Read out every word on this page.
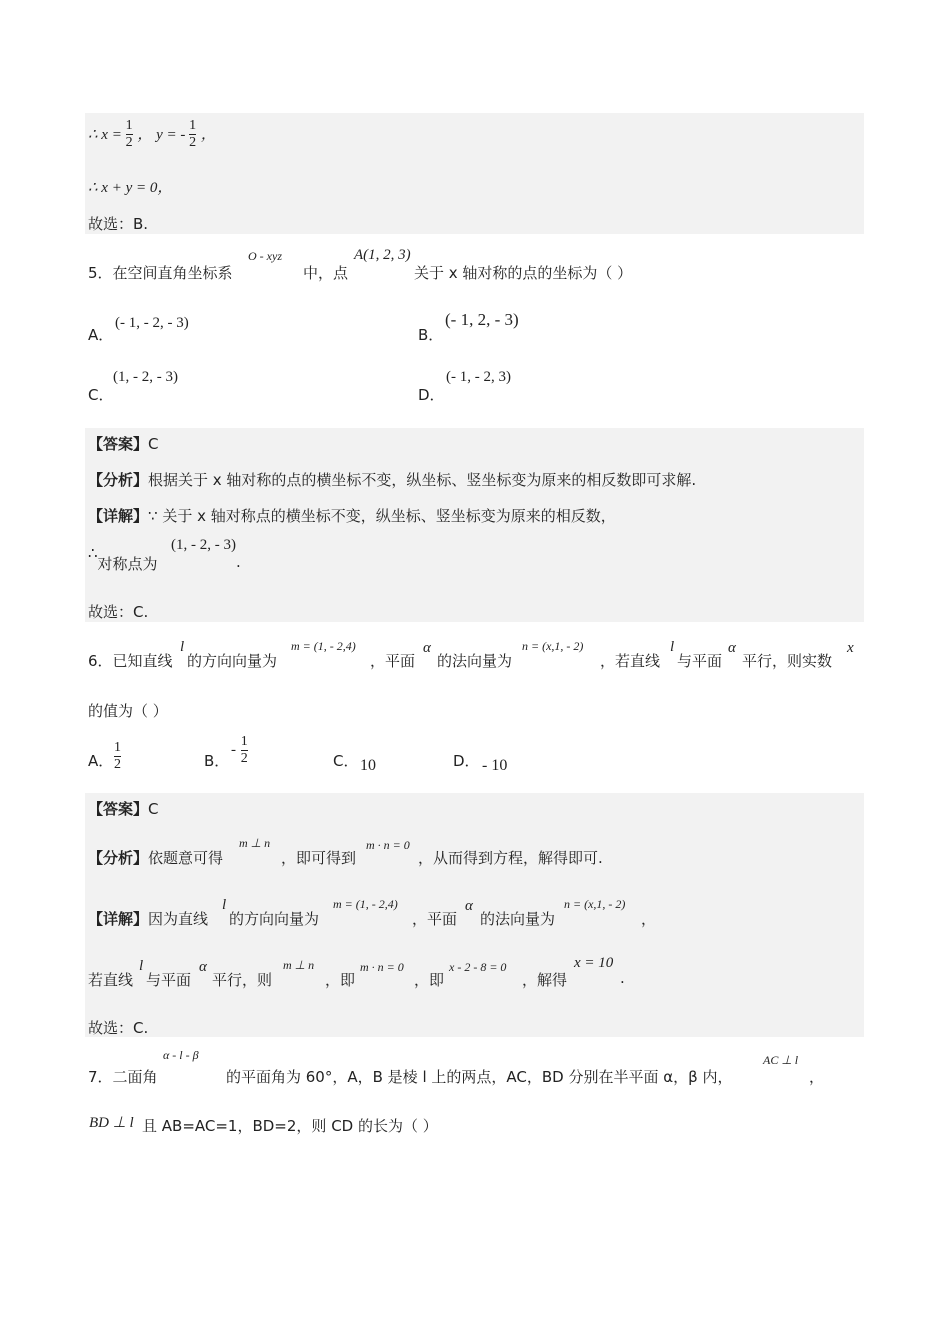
∴ $x = \frac{1}{2}$ ， y = - $\frac{1}{2}$ ，
∴ x + y = 0，
故选：B.
5．在空间直角坐标系
O - xyz
中，点
A(1, 2, 3)
关于 x 轴对称的点的坐标为（ ）
A．
(- 1, - 2, - 3)
B．
(- 1, 2, - 3)
C．
(1, - 2, - 3)
D．
(- 1, - 2, 3)
【答案】C
【分析】根据关于 x 轴对称的点的横坐标不变，纵坐标、竖坐标变为原来的相反数即可求解.
【详解】∵ 关于 x 轴对称点的横坐标不变，纵坐标、竖坐标变为原来的相反数，
∴对称点为
(1, - 2, - 3)
.
故选：C.
6．已知直线
l
的方向向量为
m = (1, - 2,4)
，平面
α
的法向量为
n = (x,1, - 2)
，若直线
l
与平面
α
平行，则实数
x
的值为（ ）
A． $\frac{1}{2}$	B．
- $\frac{1}{2}$	C． 10	D． - 10
【答案】C
【分析】依题意可得
m ⊥ n
，即可得到
m · n = 0
，从而得到方程，解得即可.
【详解】因为直线
l
的方向向量为
m = (1, - 2,4)
，平面
α
的法向量为
n = (x,1, - 2)
，
若直线
l
与平面
α
平行，则
m ⊥ n
，即
m · n = 0
，即
x - 2 - 8 = 0
，解得
x = 10
.
故选：C.
7．二面角
α - l - β
的平面角为 60°，A，B 是棱 l 上的两点，AC，BD 分别在半平面 α，β 内，
AC ⊥ l
，
BD ⊥ l 且 AB=AC=1，BD=2，则 CD 的长为（ ）
